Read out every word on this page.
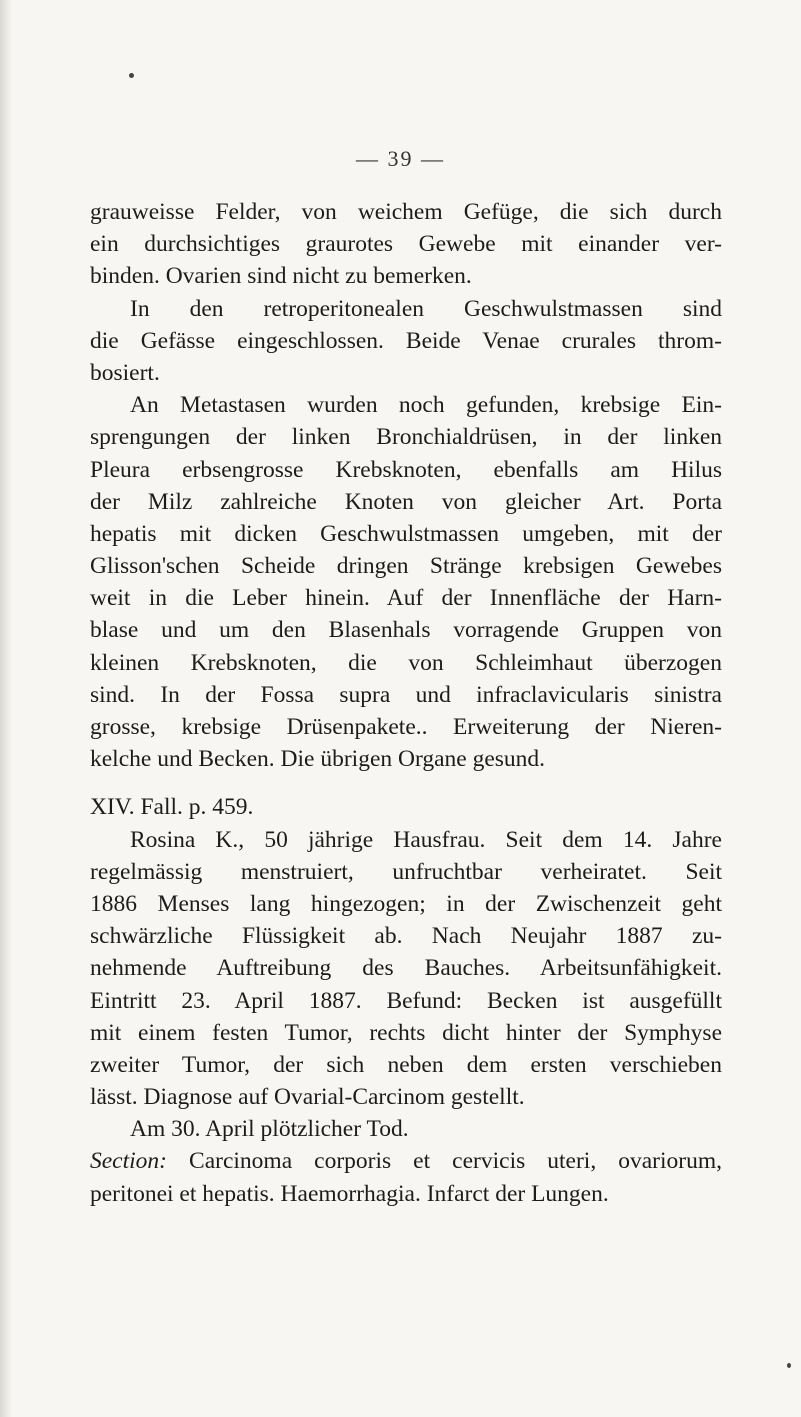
— 39 —
grauweisse Felder, von weichem Gefüge, die sich durch
ein durchsichtiges graurotes Gewebe mit einander ver-
binden. Ovarien sind nicht zu bemerken.
In den retroperitonealen Geschwulstmassen sind
die Gefässe eingeschlossen. Beide Venae crurales throm-
bosiert.
An Metastasen wurden noch gefunden, krebsige Ein-
sprengungen der linken Bronchialdrüsen, in der linken
Pleura erbsengrosse Krebsknoten, ebenfalls am Hilus
der Milz zahlreiche Knoten von gleicher Art. Porta
hepatis mit dicken Geschwulstmassen umgeben, mit der
Glisson'schen Scheide dringen Stränge krebsigen Gewebes
weit in die Leber hinein. Auf der Innenfläche der Harn-
blase und um den Blasenhals vorragende Gruppen von
kleinen Krebsknoten, die von Schleimhaut überzogen
sind. In der Fossa supra und infraclavicularis sinistra
grosse, krebsige Drüsenpakete.. Erweiterung der Nieren-
kelche und Becken. Die übrigen Organe gesund.
XIV. Fall. p. 459.
Rosina K., 50 jährige Hausfrau. Seit dem 14. Jahre
regelmässig menstruiert, unfruchtbar verheiratet. Seit
1886 Menses lang hingezogen; in der Zwischenzeit geht
schwärzliche Flüssigkeit ab. Nach Neujahr 1887 zu-
nehmende Auftreibung des Bauches. Arbeitsunfähigkeit.
Eintritt 23. April 1887. Befund: Becken ist ausgefüllt
mit einem festen Tumor, rechts dicht hinter der Symphyse
zweiter Tumor, der sich neben dem ersten verschieben
lässt. Diagnose auf Ovarial-Carcinom gestellt.
Am 30. April plötzlicher Tod.
Section: Carcinoma corporis et cervicis uteri, ovariorum,
peritonei et hepatis. Haemorrhagia. Infarct der Lungen.
